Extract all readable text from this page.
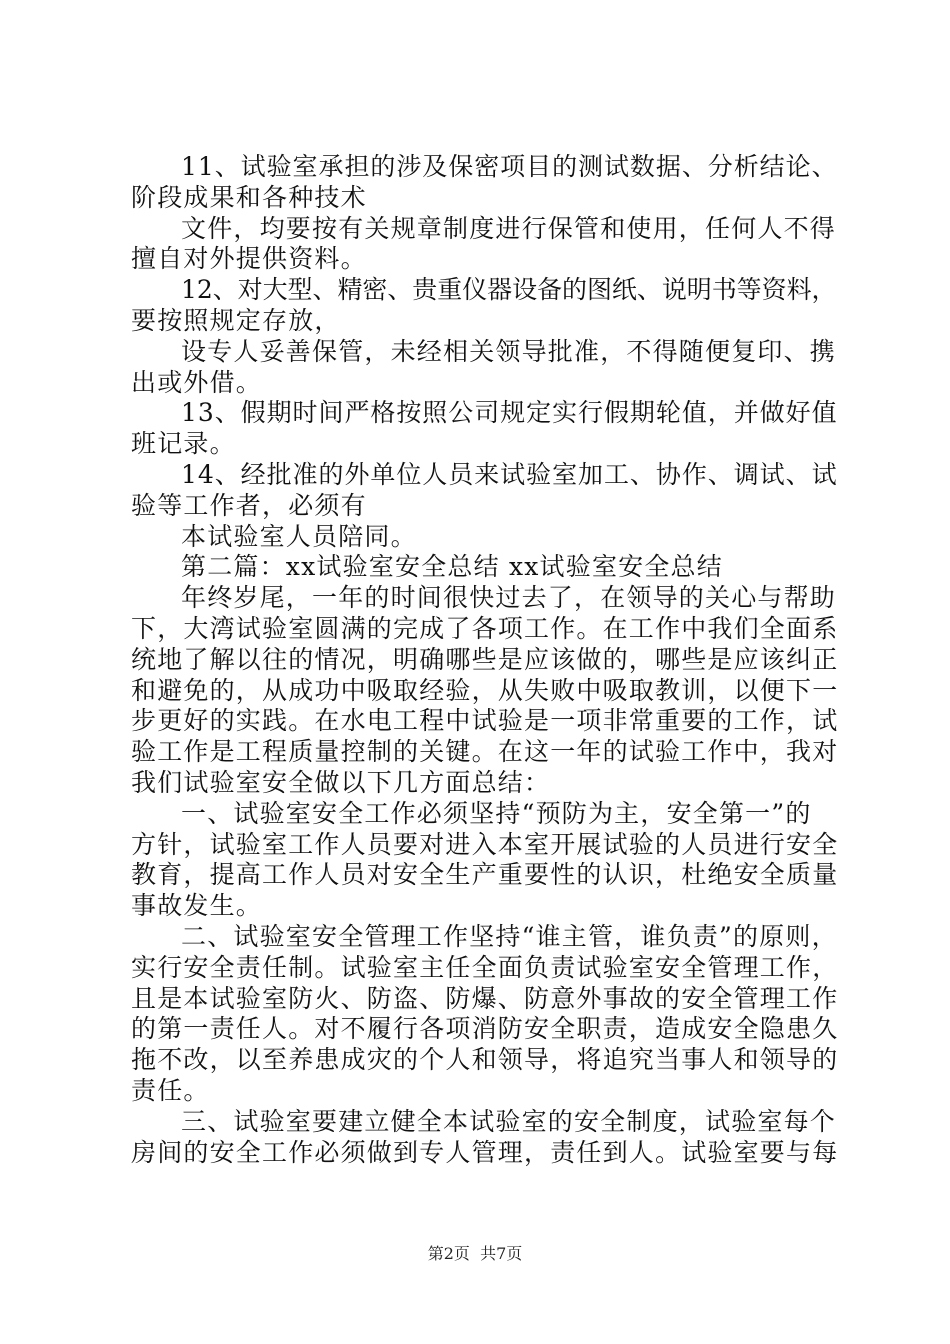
11、试验室承担的涉及保密项目的测试数据、分析结论、
阶段成果和各种技术
文件，均要按有关规章制度进行保管和使用，任何人不得
擅自对外提供资料。
12、对大型、精密、贵重仪器设备的图纸、说明书等资料，
要按照规定存放，
设专人妥善保管，未经相关领导批准，不得随便复印、携
出或外借。
13、假期时间严格按照公司规定实行假期轮值，并做好值
班记录。
14、经批准的外单位人员来试验室加工、协作、调试、试
验等工作者，必须有
本试验室人员陪同。
第二篇：xx试验室安全总结 xx试验室安全总结
年终岁尾，一年的时间很快过去了，在领导的关心与帮助
下，大湾试验室圆满的完成了各项工作。在工作中我们全面系
统地了解以往的情况，明确哪些是应该做的，哪些是应该纠正
和避免的，从成功中吸取经验，从失败中吸取教训，以便下一
步更好的实践。在水电工程中试验是一项非常重要的工作，试
验工作是工程质量控制的关键。在这一年的试验工作中，我对
我们试验室安全做以下几方面总结：
一、试验室安全工作必须坚持“预防为主，安全第一”的
方针，试验室工作人员要对进入本室开展试验的人员进行安全
教育，提高工作人员对安全生产重要性的认识，杜绝安全质量
事故发生。
二、试验室安全管理工作坚持“谁主管，谁负责”的原则，
实行安全责任制。试验室主任全面负责试验室安全管理工作，
且是本试验室防火、防盗、防爆、防意外事故的安全管理工作
的第一责任人。对不履行各项消防安全职责，造成安全隐患久
拖不改，以至养患成灾的个人和领导，将追究当事人和领导的
责任。
三、试验室要建立健全本试验室的安全制度，试验室每个
房间的安全工作必须做到专人管理，责任到人。试验室要与每
第2页  共7页
